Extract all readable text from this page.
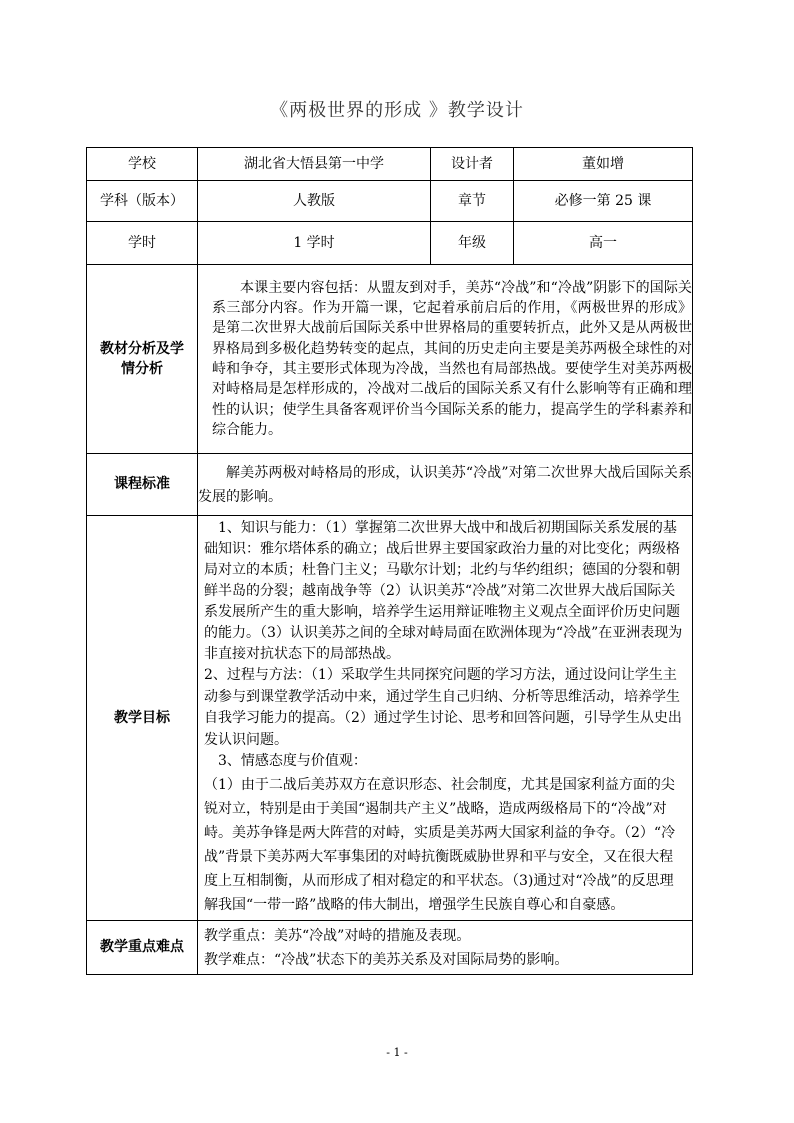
《两极世界的形成 》教学设计
学校	湖北省大悟县第一中学	设计者	董如增
学科（版本）	人教版	章节	必修一第 25 课
学时	1 学时	年级	高一
教材分析及学情分析	本课主要内容包括：从盟友到对手，美苏“冷战”和“冷战”阴影下的国际关系三部分内容。作为开篇一课，它起着承前启后的作用，《两极世界的形成》是第二次世界大战前后国际关系中世界格局的重要转折点，此外又是从两极世界格局到多极化趋势转变的起点，其间的历史走向主要是美苏两极全球性的对峙和争夺，其主要形式体现为冷战，当然也有局部热战。要使学生对美苏两极对峙格局是怎样形成的，冷战对二战后的国际关系又有什么影响等有正确和理性的认识；使学生具备客观评价当今国际关系的能力，提高学生的学科素养和综合能力。		
课程标准	解美苏两极对峙格局的形成，认识美苏“冷战”对第二次世界大战后国际关系发展的影响。		
教学目标	1、知识与能力：（1）掌握第二次世界大战中和战后初期国际关系发展的基础知识：雅尔塔体系的确立；战后世界主要国家政治力量的对比变化；两级格局对立的本质；杜鲁门主义；马歇尔计划；北约与华约组织；德国的分裂和朝鲜半岛的分裂；越南战争等（2）认识美苏“冷战”对第二次世界大战后国际关系发展所产生的重大影响，培养学生运用辩证唯物主义观点全面评价历史问题的能力。（3）认识美苏之间的全球对峙局面在欧洲体现为“冷战”在亚洲表现为非直接对抗状态下的局部热战。

2、过程与方法：（1）采取学生共同探究问题的学习方法，通过设问让学生主动参与到课堂教学活动中来，通过学生自己归纳、分析等思维活动，培养学生自我学习能力的提高。（2）通过学生讨论、思考和回答问题，引导学生从史出发认识问题。

3、情感态度与价值观：

（1）由于二战后美苏双方在意识形态、社会制度，尤其是国家利益方面的尖锐对立，特别是由于美国“遏制共产主义”战略，造成两级格局下的“冷战”对峙。美苏争锋是两大阵营的对峙，实质是美苏两大国家利益的争夺。（2）“冷战”背景下美苏两大军事集团的对峙抗衡既威胁世界和平与安全，又在很大程度上互相制衡，从而形成了相对稳定的和平状态。（3)通过对“冷战”的反思理解我国“一带一路”战略的伟大制出，增强学生民族自尊心和自豪感。		

教学重点难点	教学重点：美苏“冷战”对峙的措施及表现。
教学难点：“冷战”状态下的美苏关系及对国际局势的影响。		
- 1 -
